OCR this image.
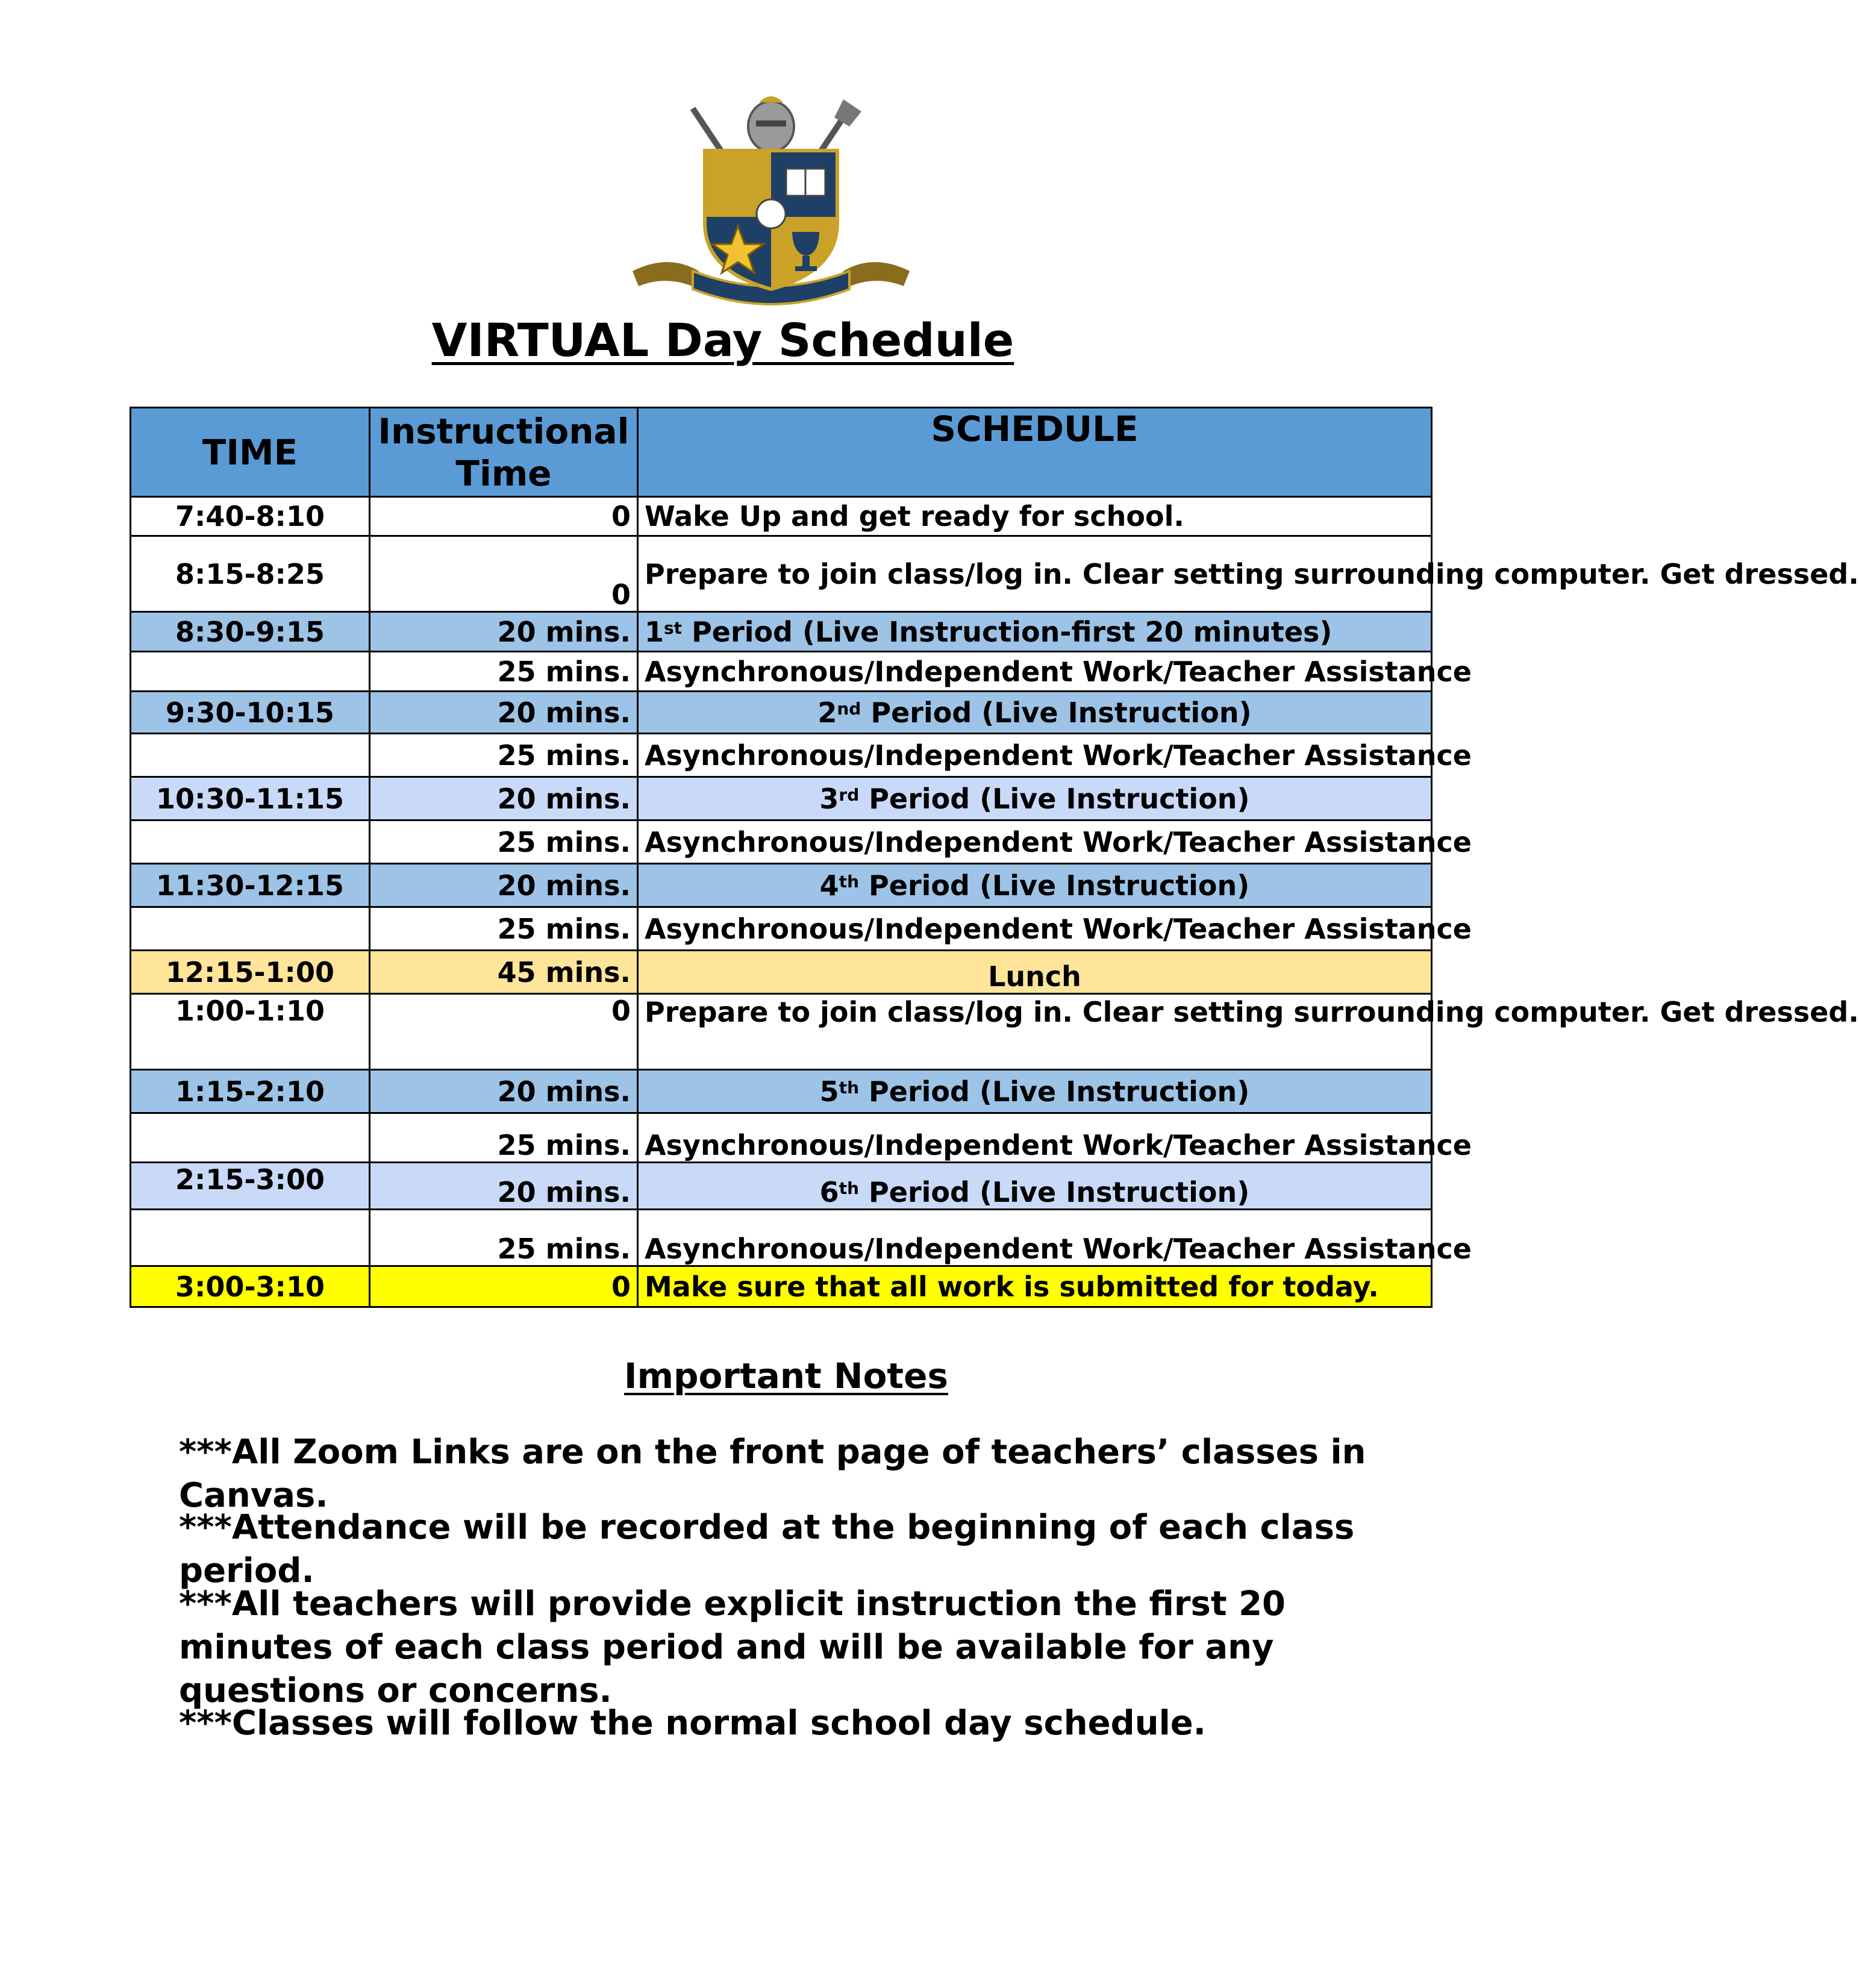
VIRTUAL Day Schedule
TIME	Instructional Time	SCHEDULE
7:40-8:10	0	Wake Up and get ready for school.
8:15-8:25	0	Prepare to join class/log in. Clear setting surrounding computer. Get dressed.
8:30-9:15	20 mins.	1st Period (Live Instruction-first 20 minutes)
	25 mins.	Asynchronous/Independent Work/Teacher Assistance
9:30-10:15	20 mins.	2nd Period (Live Instruction)
	25 mins.	Asynchronous/Independent Work/Teacher Assistance
10:30-11:15	20 mins.	3rd Period (Live Instruction)
	25 mins.	Asynchronous/Independent Work/Teacher Assistance
11:30-12:15	20 mins.	4th Period (Live Instruction)
	25 mins.	Asynchronous/Independent Work/Teacher Assistance
12:15-1:00	45 mins.	Lunch
1:00-1:10	0	Prepare to join class/log in. Clear setting surrounding computer. Get dressed.
1:15-2:10	20 mins.	5th Period (Live Instruction)
	25 mins.	Asynchronous/Independent Work/Teacher Assistance
2:15-3:00	20 mins.	6th Period (Live Instruction)
	25 mins.	Asynchronous/Independent Work/Teacher Assistance
3:00-3:10	0	Make sure that all work is submitted for today.
Important Notes
***All Zoom Links are on the front page of teachers’ classes in Canvas.
***Attendance will be recorded at the beginning of each class period.
***All teachers will provide explicit instruction the first 20 minutes of each class period and will be available for any questions or concerns.
***Classes will follow the normal school day schedule.
